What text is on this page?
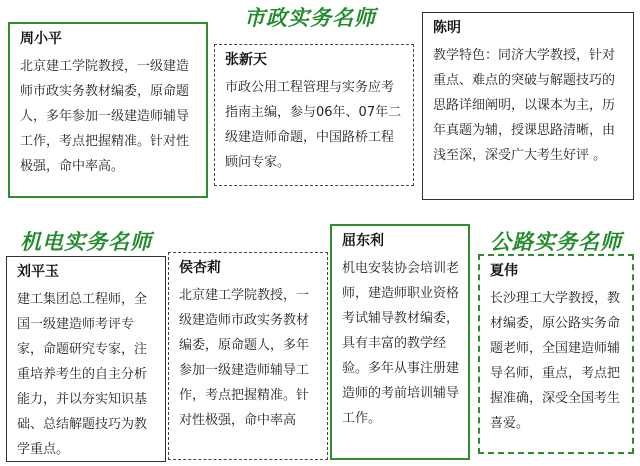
市政实务名师
机电实务名师	公路实务名师
周小平

北京建工学院教授，一级建造师市政实务教材编委，原命题人，多年参加一级建造师辅导工作，考点把握精准。针对性极强，命中率高。

张新天

市政公用工程管理与实务应考指南主编，参与06年、07年二级建造师命题，中国路桥工程顾问专家。

陈明

教学特色：同济大学教授，针对重点、难点的突破与解题技巧的思路详细阐明，以课本为主，历年真题为辅，授课思路清晰，由浅至深，深受广大考生好评 。

刘平玉

建工集团总工程师，全国一级建造师考评专家，命题研究专家，注重培养考生的自主分析能力，并以夯实知识基础、总结解题技巧为教学重点。

侯杏莉

北京建工学院教授，一级建造师市政实务教材编委，原命题人，多年参加一级建造师辅导工作，考点把握精准。针对性极强，命中率高

屈东利

机电安装协会培训老师，建造师职业资格考试辅导教材编委，具有丰富的教学经验。多年从事注册建造师的考前培训辅导工作。

夏伟

长沙理工大学教授，教材编委，原公路实务命题老师，全国建造师辅导名师，重点，考点把握准确，深受全国考生喜爱。
